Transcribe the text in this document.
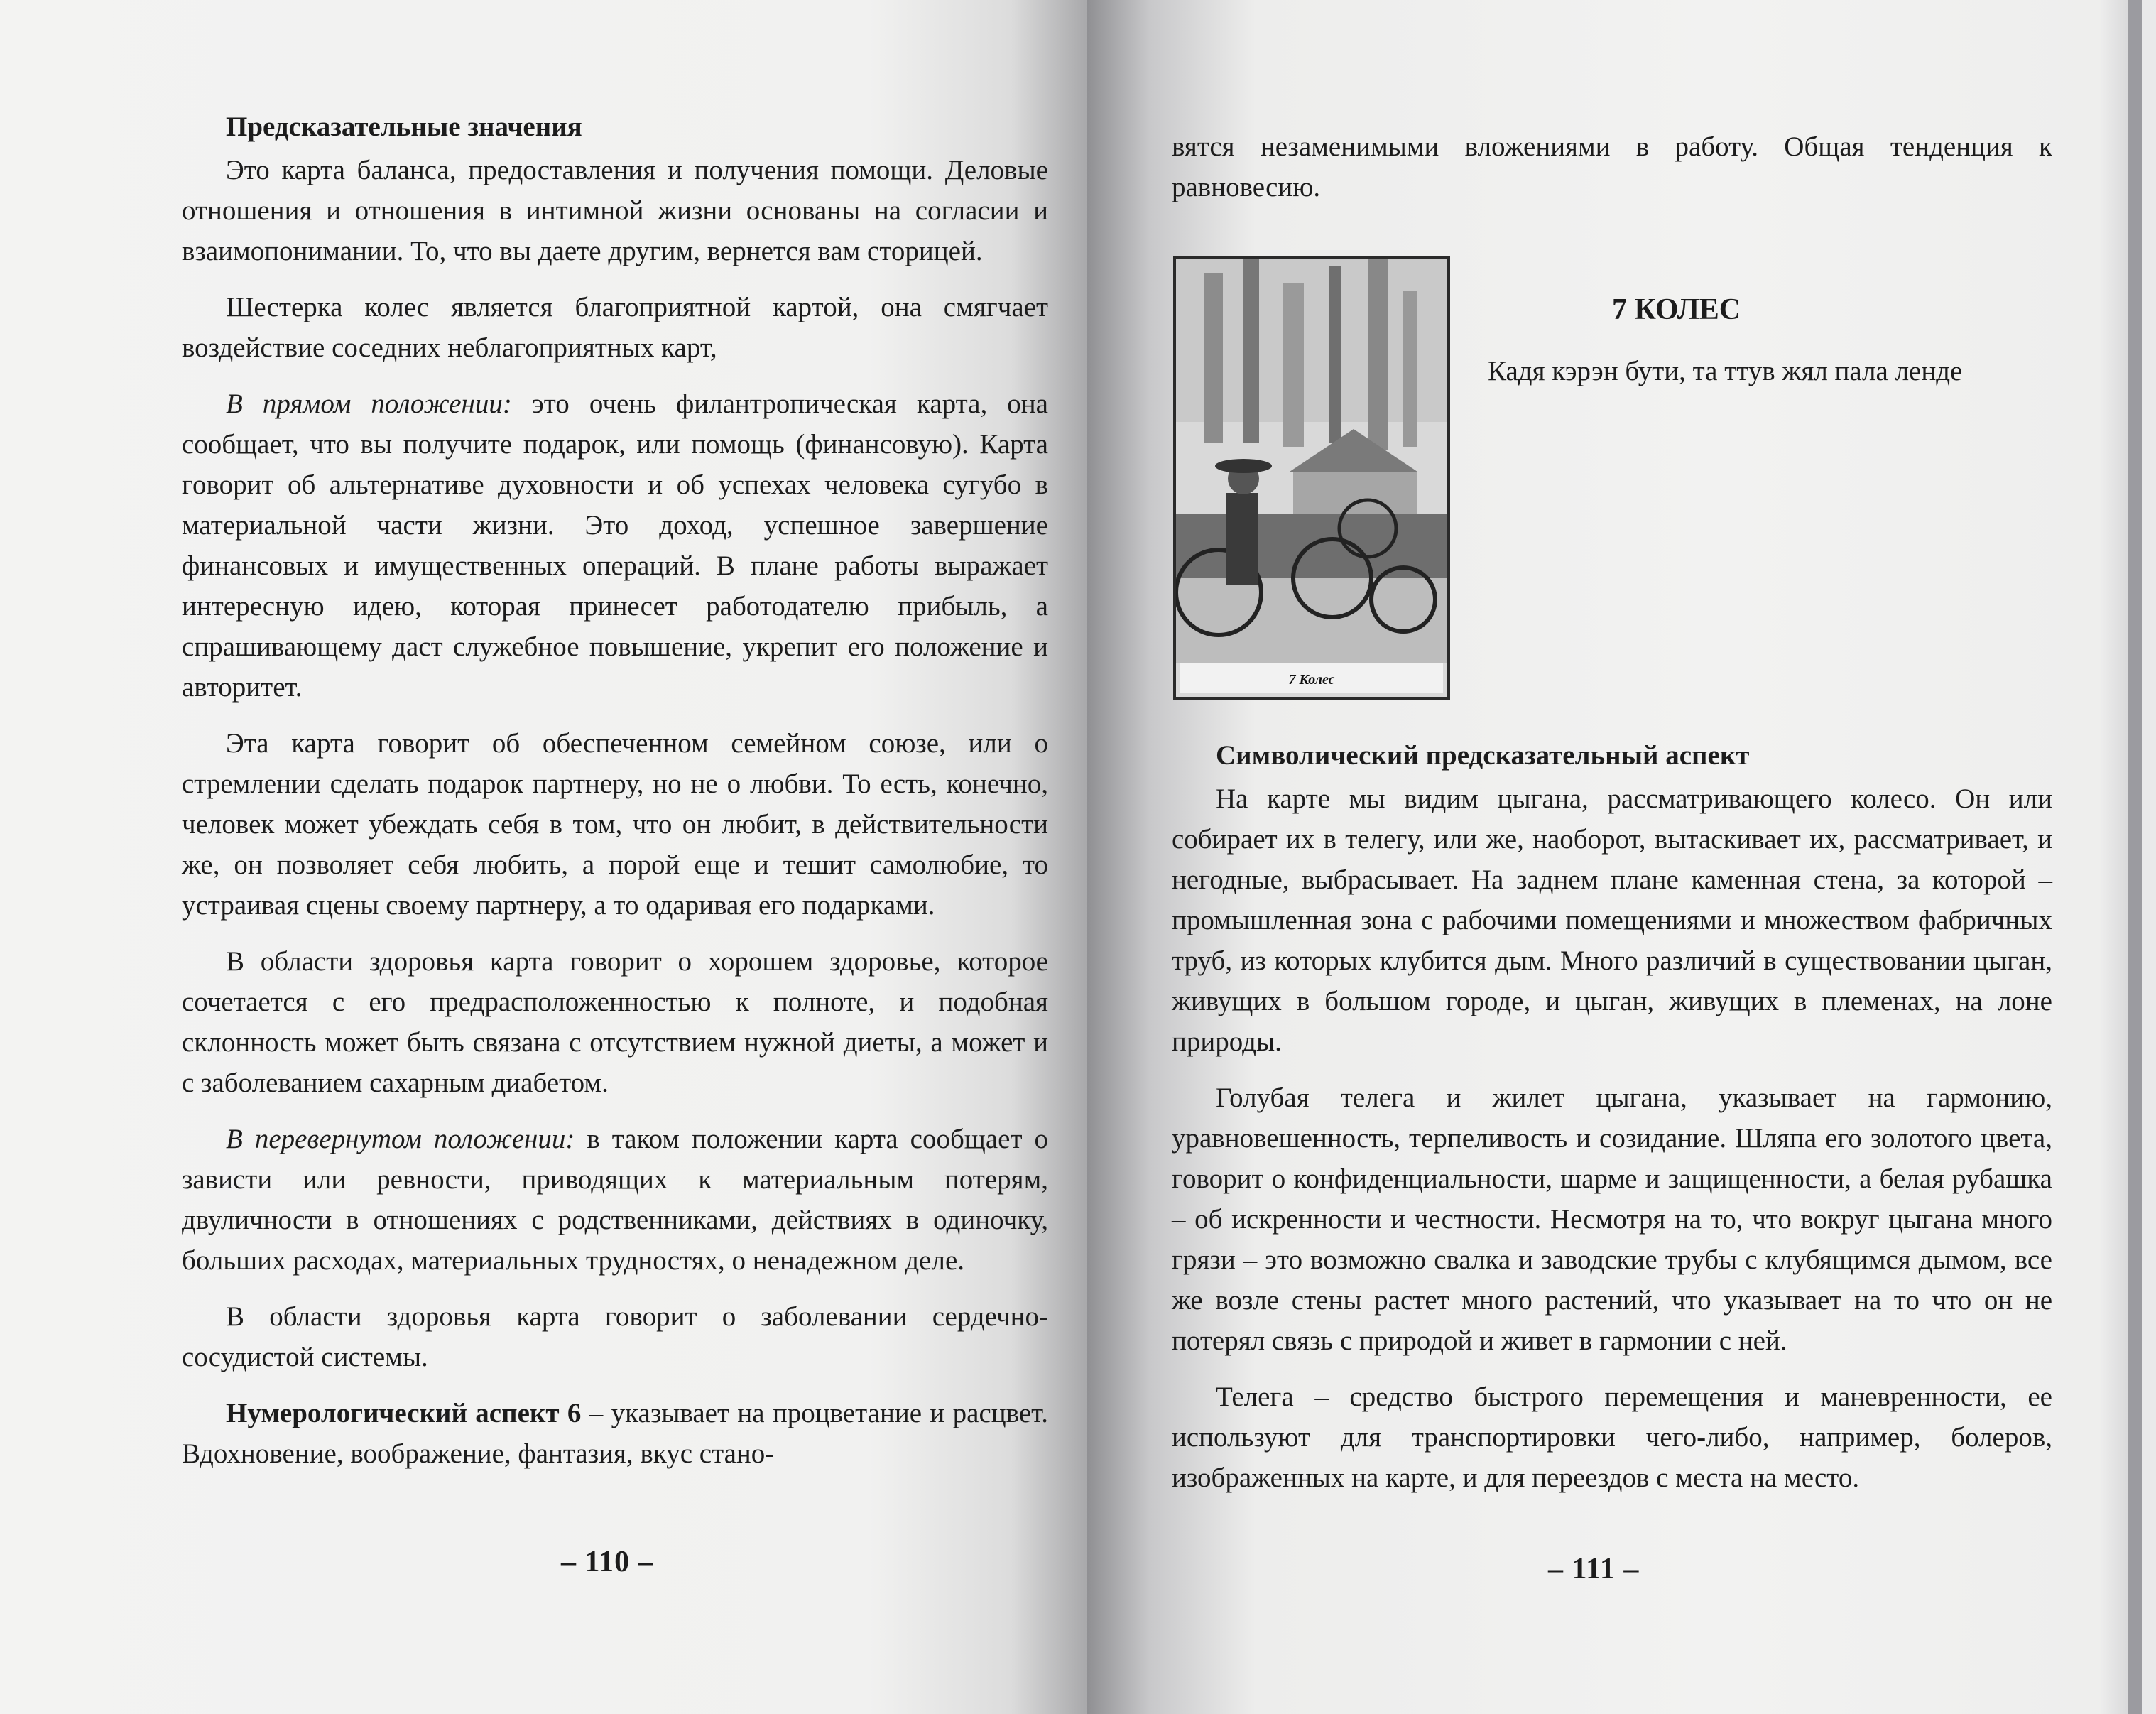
Предсказательные значения

Это карта баланса, предоставления и получения помощи. Деловые отношения и отношения в интимной жизни основаны на согласии и взаимопонимании. То, что вы даете другим, вернется вам сторицей.

Шестерка колес является благоприятной картой, она смягчает воздействие соседних неблагоприятных карт,

В прямом положении: это очень филантропическая карта, она сообщает, что вы получите подарок, или помощь (финансовую). Карта говорит об альтернативе духовности и об успехах человека сугубо в материальной части жизни. Это доход, успешное завершение финансовых и имущественных операций. В плане работы выражает интересную идею, которая принесет работодателю прибыль, а спрашивающему даст служебное повышение, укрепит его положение и авторитет.

Эта карта говорит об обеспеченном семейном союзе, или о стремлении сделать подарок партнеру, но не о любви. То есть, конечно, человек может убеждать себя в том, что он любит, в действительности же, он позволяет себя любить, а порой еще и тешит самолюбие, то устраивая сцены своему партнеру, а то одаривая его подарками.

В области здоровья карта говорит о хорошем здоровье, которое сочетается с его предрасположенностью к полноте, и подобная склонность может быть связана с отсутствием нужной диеты, а может и с заболеванием сахарным диабетом.

В перевернутом положении: в таком положении карта сообщает о зависти или ревности, приводящих к материальным потерям, двуличности в отношениях с родственниками, действиях в одиночку, больших расходах, материальных трудностях, о ненадежном деле.

В области здоровья карта говорит о заболевании сердечно-сосудистой системы.

Нумерологический аспект 6 – указывает на процветание и расцвет. Вдохновение, воображение, фантазия, вкус стано-

– 110 –

вятся незаменимыми вложениями в работу. Общая тенденция к равновесию.

7 Колес
7 КОЛЕС
Кадя кэрэн бути, та ттув жял пала ленде

Символический предсказательный аспект

На карте мы видим цыгана, рассматривающего колесо. Он или собирает их в телегу, или же, наоборот, вытаскивает их, рассматривает, и негодные, выбрасывает. На заднем плане каменная стена, за которой – промышленная зона с рабочими помещениями и множеством фабричных труб, из которых клубится дым. Много различий в существовании цыган, живущих в большом городе, и цыган, живущих в племенах, на лоне природы.

Голубая телега и жилет цыгана, указывает на гармонию, уравновешенность, терпеливость и созидание. Шляпа его золотого цвета, говорит о конфиденциальности, шарме и защищенности, а белая рубашка – об искренности и честности. Несмотря на то, что вокруг цыгана много грязи – это возможно свалка и заводские трубы с клубящимся дымом, все же возле стены растет много растений, что указывает на то что он не потерял связь с природой и живет в гармонии с ней.

Телега – средство быстрого перемещения и маневренности, ее используют для транспортировки чего-либо, например, болеров, изображенных на карте, и для переездов с места на место.

– 111 –
